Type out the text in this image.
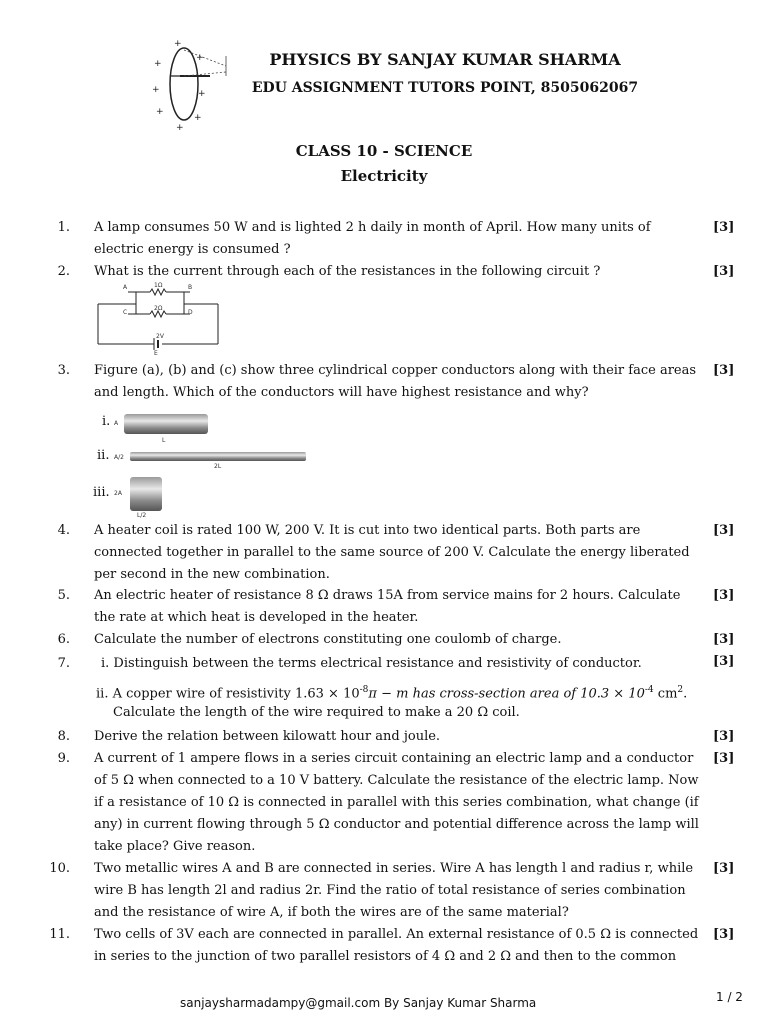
+
+
+
+
+
+
+
+
PHYSICS BY SANJAY KUMAR SHARMA
EDU ASSIGNMENT TUTORS POINT, 8505062067
CLASS 10 - SCIENCE
Electricity
1. A lamp consumes 50 W and is lighted 2 h daily in month of April. How many units of electric energy is consumed ?
[3]
2. What is the current through each of the resistances in the following circuit ?	[3]
A	B
C	D
E
1Ω
2Ω
2V
3. Figure (a), (b) and (c) show three cylindrical copper conductors along with their face areas and length. Which of the conductors will have highest resistance and why?
[3]
i. A
L
ii. A/2
2L
iii. 2A
L/2
4. A heater coil is rated 100 W, 200 V. It is cut into two identical parts. Both parts are connected together in parallel to the same source of 200 V. Calculate the energy liberated per second in the new combination.
[3]
5. An electric heater of resistance 8 Ω draws 15A from service mains for 2 hours. Calculate the rate at which heat is developed in the heater.
[3]
6. Calculate the number of electrons constituting one coulomb of charge.	[3]
7. i. Distinguish between the terms electrical resistance and resistivity of conductor.	[3]
ii. A copper wire of resistivity $1.63 \times 10^{-8}\pi - m$ has cross-section area of $10.3 \times 10^{-4}$ $cm^2$.
Calculate the length of the wire required to make a 20 Ω coil.
8. Derive the relation between kilowatt hour and joule.	[3]
9. A current of 1 ampere flows in a series circuit containing an electric lamp and a conductor of 5 Ω when connected to a 10 V battery. Calculate the resistance of the electric lamp. Now if a resistance of 10 Ω is connected in parallel with this series combination, what change (if any) in current flowing through 5 Ω conductor and potential difference across the lamp will take place? Give reason.
[3]
10. Two metallic wires A and B are connected in series. Wire A has length l and radius r, while wire B has length 2l and radius 2r. Find the ratio of total resistance of series combination and the resistance of wire A, if both the wires are of the same material?
[3]
11. Two cells of 3V each are connected in parallel. An external resistance of 0.5 Ω is connected in series to the junction of two parallel resistors of 4 Ω and 2 Ω and then to the common
[3]
sanjaysharmadampy@gmail.com By Sanjay Kumar Sharma	1 / 2
